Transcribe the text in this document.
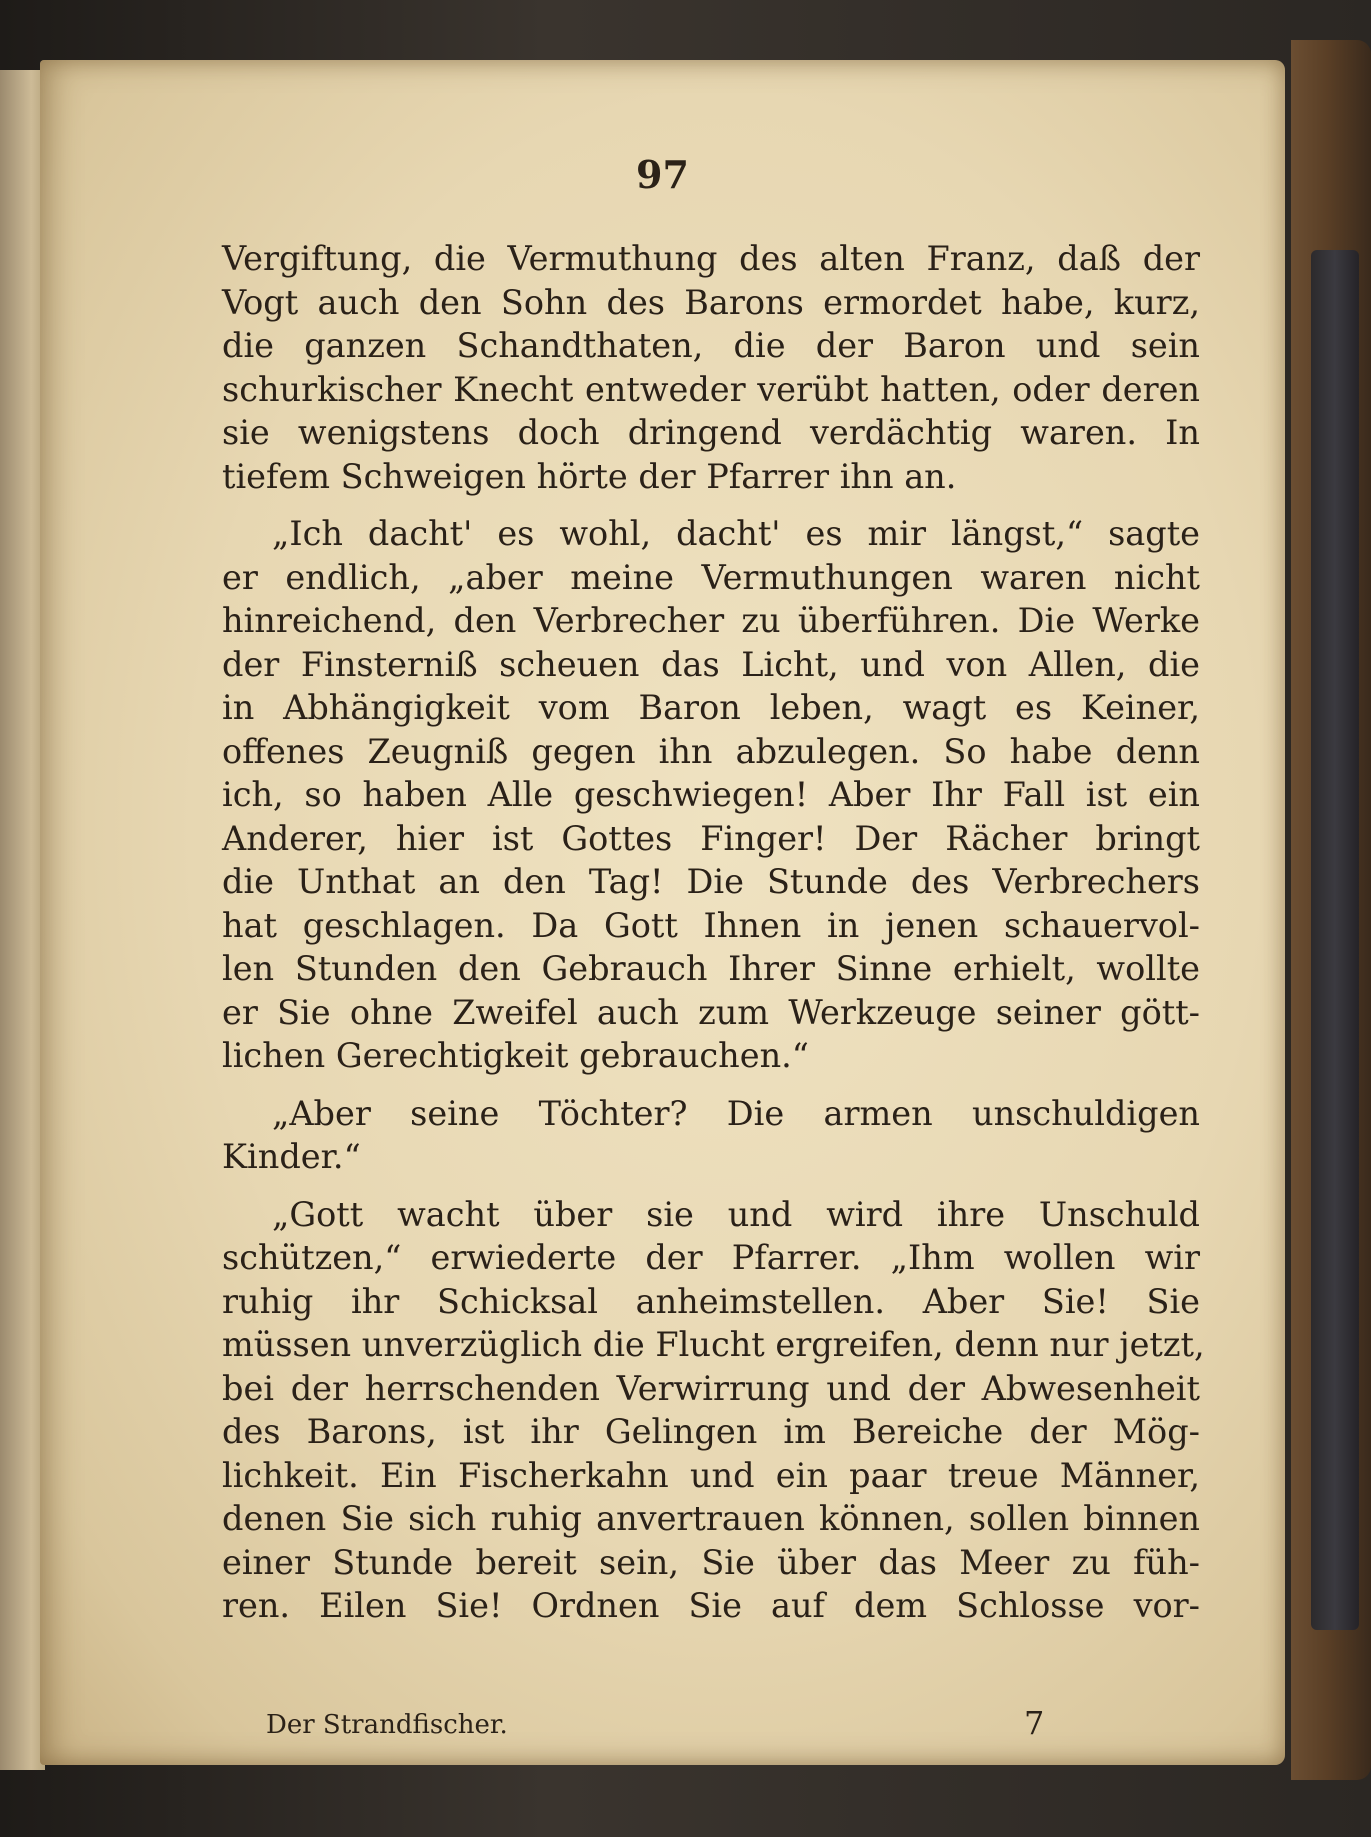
97

Vergiftung, die Vermuthung des alten Franz, daß der
Vogt auch den Sohn des Barons ermordet habe, kurz,
die ganzen Schandthaten, die der Baron und sein
schurkischer Knecht entweder verübt hatten, oder deren
sie wenigstens doch dringend verdächtig waren. In
tiefem Schweigen hörte der Pfarrer ihn an.

„Ich dacht' es wohl, dacht' es mir längst,“ sagte
er endlich, „aber meine Vermuthungen waren nicht
hinreichend, den Verbrecher zu überführen. Die Werke
der Finsterniß scheuen das Licht, und von Allen, die
in Abhängigkeit vom Baron leben, wagt es Keiner,
offenes Zeugniß gegen ihn abzulegen. So habe denn
ich, so haben Alle geschwiegen! Aber Ihr Fall ist ein
Anderer, hier ist Gottes Finger! Der Rächer bringt
die Unthat an den Tag! Die Stunde des Verbrechers
hat geschlagen. Da Gott Ihnen in jenen schauervol-
len Stunden den Gebrauch Ihrer Sinne erhielt, wollte
er Sie ohne Zweifel auch zum Werkzeuge seiner gött-
lichen Gerechtigkeit gebrauchen.“

„Aber seine Töchter? Die armen unschuldigen
Kinder.“

„Gott wacht über sie und wird ihre Unschuld
schützen,“ erwiederte der Pfarrer. „Ihm wollen wir
ruhig ihr Schicksal anheimstellen. Aber Sie! Sie
müssen unverzüglich die Flucht ergreifen, denn nur jetzt,
bei der herrschenden Verwirrung und der Abwesenheit
des Barons, ist ihr Gelingen im Bereiche der Mög-
lichkeit. Ein Fischerkahn und ein paar treue Männer,
denen Sie sich ruhig anvertrauen können, sollen binnen
einer Stunde bereit sein, Sie über das Meer zu füh-
ren. Eilen Sie! Ordnen Sie auf dem Schlosse vor-

Der Strandfischer.	7
